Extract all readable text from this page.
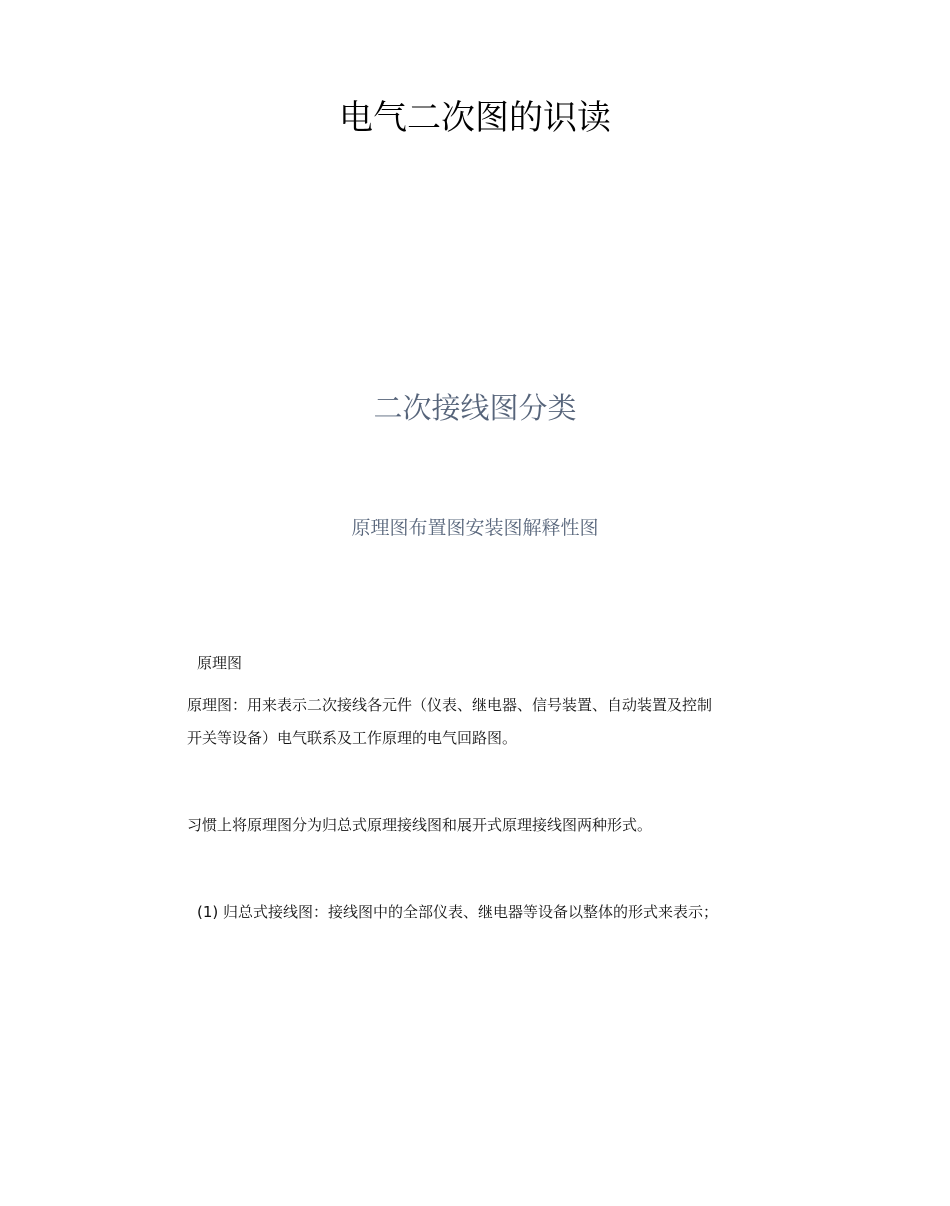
电气二次图的识读
二次接线图分类
原理图布置图安装图解释性图
原理图
原理图：用来表示二次接线各元件（仪表、继电器、信号装置、自动装置及控制
开关等设备）电气联系及工作原理的电气回路图。
习惯上将原理图分为归总式原理接线图和展开式原理接线图两种形式。
(1) 归总式接线图：接线图中的全部仪表、继电器等设备以整体的形式来表示；
